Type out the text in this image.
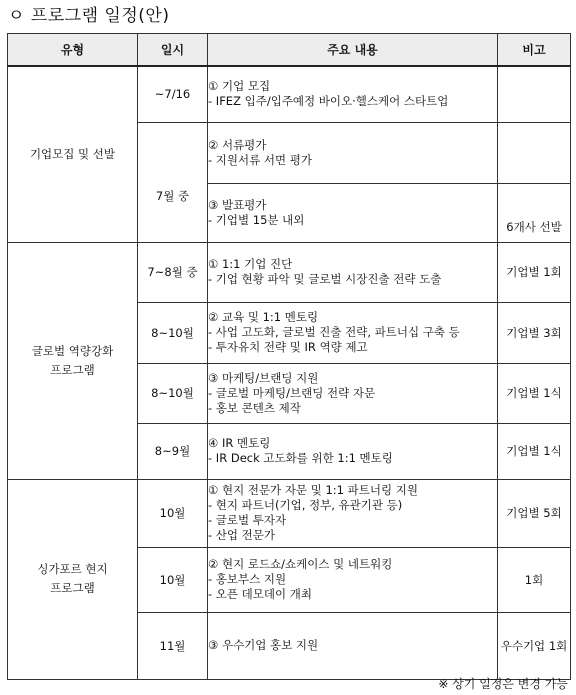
ㅇ 프로그램 일정(안)
유형	일시	주요 내용	비고
기업모집 및 선발	~7/16	① 기업 모집
- IFEZ 입주/입주예정 바이오·헬스케어 스타트업	

	7월 중	② 서류평가
- 지원서류 서면 평가	

		③ 발표평가
- 기업별 15분 내외	6개사 선발

글로벌 역량강화
프로그램	7~8월 중	① 1:1 기업 진단
- 기업 현황 파악 및 글로벌 시장진출 전략 도출	기업별 1회
	8~10월	② 교육 및 1:1 멘토링
- 사업 고도화, 글로벌 진출 전략, 파트너십 구축 등
- 투자유치 전략 및 IR 역량 제고	기업별 3회
	8~10월	③ 마케팅/브랜딩 지원
- 글로벌 마케팅/브랜딩 전략 자문
- 홍보 콘텐츠 제작	기업별 1식
	8~9월	④ IR 멘토링
- IR Deck 고도화를 위한 1:1 멘토링	기업별 1식

싱가포르 현지
프로그램	10월	① 현지 전문가 자문 및 1:1 파트너링 지원
- 현지 파트너(기업, 정부, 유관기관 등)
- 글로벌 투자자
- 산업 전문가	기업별 5회
	10월	② 현지 로드쇼/쇼케이스 및 네트워킹
- 홍보부스 지원
- 오픈 데모데이 개최	1회
	11월	③ 우수기업 홍보 지원	우수기업 1회
※ 상기 일정은 변경 가능
